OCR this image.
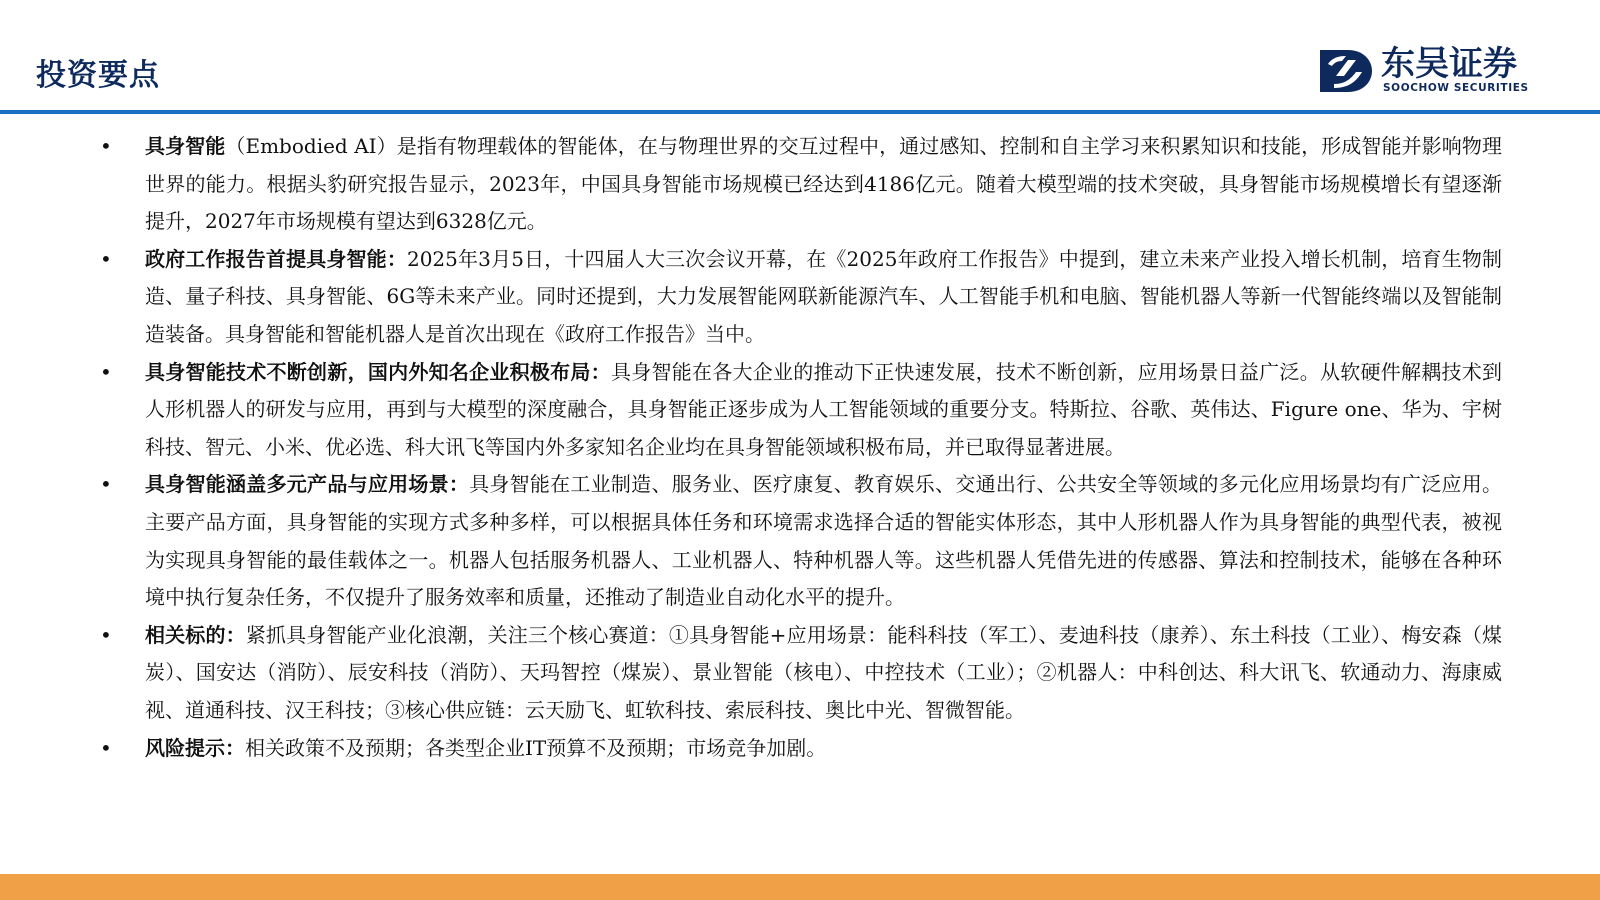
投资要点	东吴证券
SOOCHOW SECURITIES
•	具身智能（Embodied AI）是指有物理载体的智能体，在与物理世界的交互过程中，通过感知、控制和自主学习来积累知识和技能，形成智能并影响物理世界的能力。根据头豹研究报告显示，2023年，中国具身智能市场规模已经达到4186亿元。随着大模型端的技术突破，具身智能市场规模增长有望逐渐提升，2027年市场规模有望达到6328亿元。
•	政府工作报告首提具身智能：2025年3月5日，十四届人大三次会议开幕，在《2025年政府工作报告》中提到，建立未来产业投入增长机制，培育生物制造、量子科技、具身智能、6G等未来产业。同时还提到，大力发展智能网联新能源汽车、人工智能手机和电脑、智能机器人等新一代智能终端以及智能制造装备。具身智能和智能机器人是首次出现在《政府工作报告》当中。
•	具身智能技术不断创新，国内外知名企业积极布局：具身智能在各大企业的推动下正快速发展，技术不断创新，应用场景日益广泛。从软硬件解耦技术到人形机器人的研发与应用，再到与大模型的深度融合，具身智能正逐步成为人工智能领域的重要分支。特斯拉、谷歌、英伟达、Figure one、华为、宇树科技、智元、小米、优必选、科大讯飞等国内外多家知名企业均在具身智能领域积极布局，并已取得显著进展。
•	具身智能涵盖多元产品与应用场景：具身智能在工业制造、服务业、医疗康复、教育娱乐、交通出行、公共安全等领域的多元化应用场景均有广泛应用。主要产品方面，具身智能的实现方式多种多样，可以根据具体任务和环境需求选择合适的智能实体形态，其中人形机器人作为具身智能的典型代表，被视为实现具身智能的最佳载体之一。机器人包括服务机器人、工业机器人、特种机器人等。这些机器人凭借先进的传感器、算法和控制技术，能够在各种环境中执行复杂任务，不仅提升了服务效率和质量，还推动了制造业自动化水平的提升。
•	相关标的：紧抓具身智能产业化浪潮，关注三个核心赛道：①具身智能+应用场景：能科科技（军工）、麦迪科技（康养）、东土科技（工业）、梅安森（煤炭）、国安达（消防）、辰安科技（消防）、天玛智控（煤炭）、景业智能（核电）、中控技术（工业）；②机器人：中科创达、科大讯飞、软通动力、海康威视、道通科技、汉王科技；③核心供应链：云天励飞、虹软科技、索辰科技、奥比中光、智微智能。
•	风险提示：相关政策不及预期；各类型企业IT预算不及预期；市场竞争加剧。
